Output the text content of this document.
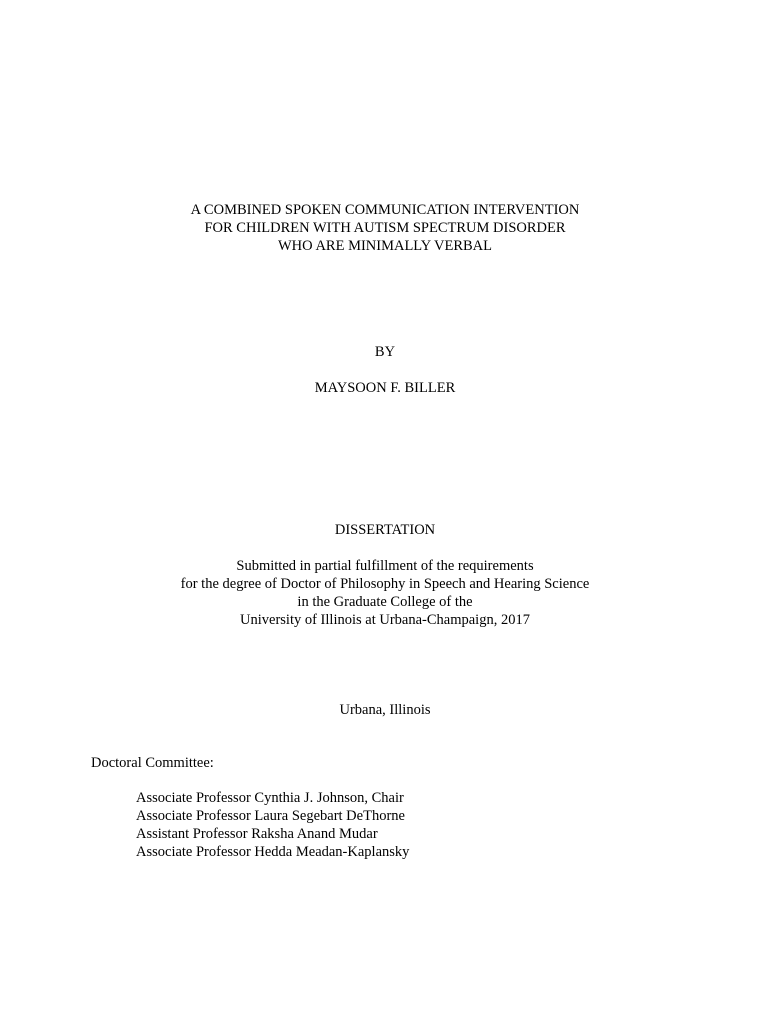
A COMBINED SPOKEN COMMUNICATION INTERVENTION
FOR CHILDREN WITH AUTISM SPECTRUM DISORDER
WHO ARE MINIMALLY VERBAL
BY
MAYSOON F. BILLER
DISSERTATION
Submitted in partial fulfillment of the requirements
for the degree of Doctor of Philosophy in Speech and Hearing Science
in the Graduate College of the
University of Illinois at Urbana-Champaign, 2017
Urbana, Illinois
Doctoral Committee:
Associate Professor Cynthia J. Johnson, Chair
Associate Professor Laura Segebart DeThorne
Assistant Professor Raksha Anand Mudar
Associate Professor Hedda Meadan-Kaplansky
